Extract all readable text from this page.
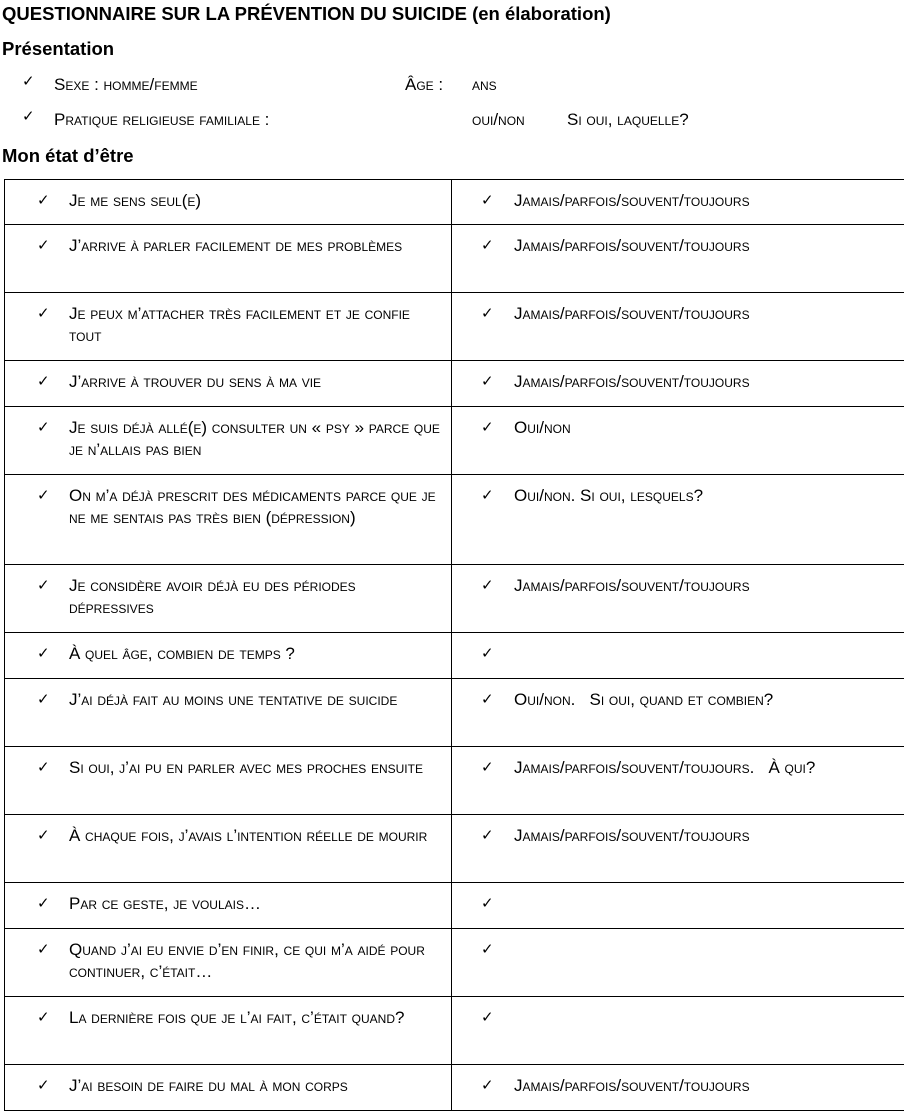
QUESTIONNAIRE SUR LA PRÉVENTION DU SUICIDE (en élaboration)
Présentation
✓ Sexe : homme/femme	Âge : ans
✓ Pratique religieuse familiale :	oui/non Si oui, laquelle?
Mon état d’être
✓ Je me sens seul(e)	✓ Jamais/parfois/souvent/toujours

✓ J’arrive à parler facilement de mes problèmes	✓ Jamais/parfois/souvent/toujours

✓ Je peux m’attacher très facilement et je confie tout	✓ Jamais/parfois/souvent/toujours

✓ J’arrive à trouver du sens à ma vie	✓ Jamais/parfois/souvent/toujours

✓ Je suis déjà allé(e) consulter un « psy » parce que je n’allais pas bien	✓ Oui/non

✓ On m’a déjà prescrit des médicaments parce que je ne me sentais pas très bien (dépression)	✓ Oui/non. Si oui, lesquels?

✓ Je considère avoir déjà eu des périodes dépressives	✓ Jamais/parfois/souvent/toujours

✓ À quel âge, combien de temps ?	✓

✓ J’ai déjà fait au moins une tentative de suicide	✓ Oui/non.   Si oui, quand et combien?

✓ Si oui, j’ai pu en parler avec mes proches ensuite	✓ Jamais/parfois/souvent/toujours.   À qui?

✓ À chaque fois, j’avais l’intention réelle de mourir	✓ Jamais/parfois/souvent/toujours

✓ Par ce geste, je voulais…	✓

✓ Quand j’ai eu envie d’en finir, ce qui m’a aidé pour continuer, c’était…	✓

✓ La dernière fois que je l’ai fait, c’était quand?	✓

✓ J’ai besoin de faire du mal à mon corps	✓ Jamais/parfois/souvent/toujours
